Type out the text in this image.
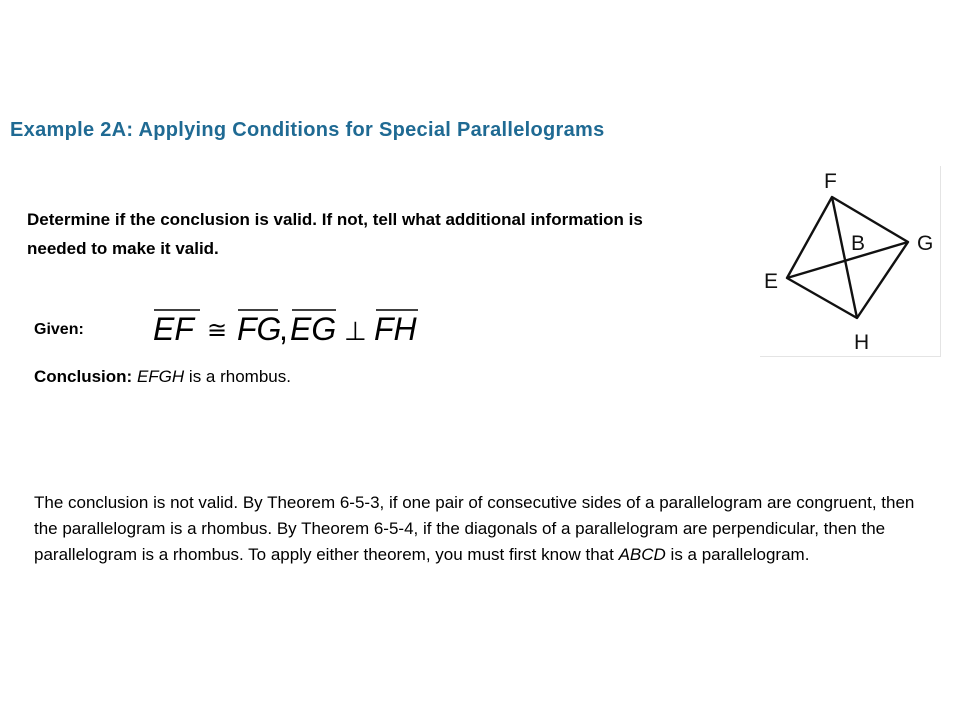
Example 2A: Applying Conditions for Special Parallelograms

Determine if the conclusion is valid. If not, tell what additional information is needed to make it valid.

Given: EF ≅ FG
, EG ⊥ FH
Conclusion: EFGH is a rhombus.

The conclusion is not valid. By Theorem 6-5-3, if one pair of consecutive sides of a parallelogram are congruent, then the parallelogram is a rhombus. By Theorem 6-5-4, if the diagonals of a parallelogram are perpendicular, then the parallelogram is a rhombus. To apply either theorem, you must first know that ABCD is a parallelogram.

F
G
E
H
B
